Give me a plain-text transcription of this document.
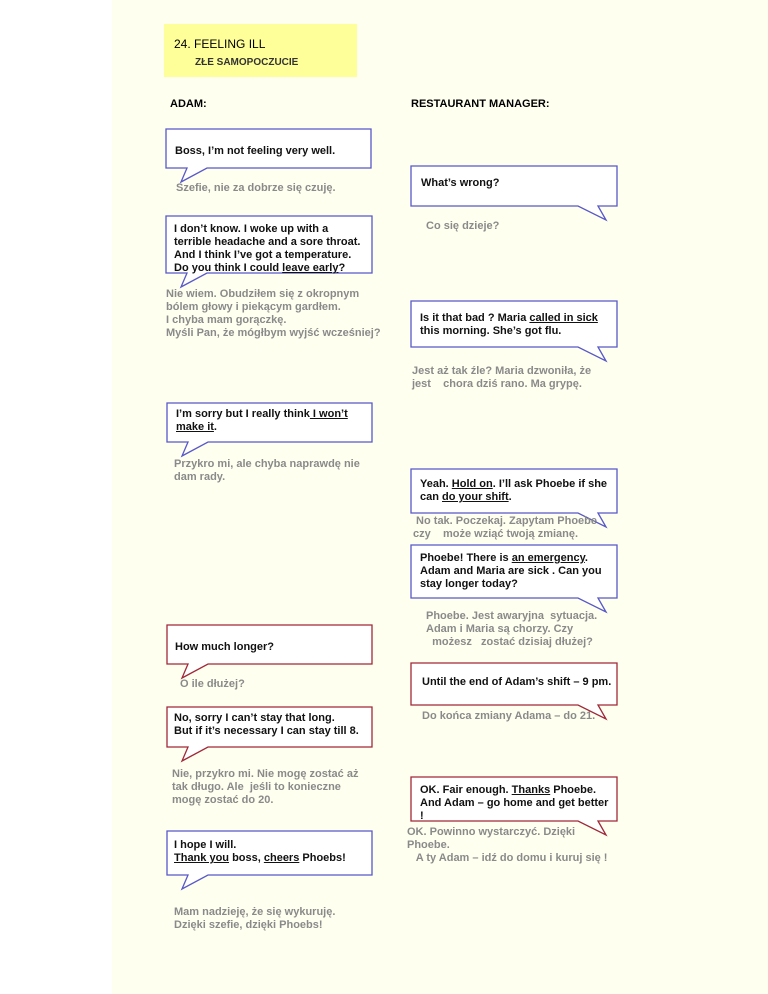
24. FEELING ILL
ZŁE SAMOPOCZUCIE
ADAM:	RESTAURANT MANAGER:
Boss, I’m not feeling very well.
What’s wrong?
I don’t know. I woke up with a
terrible headache and a sore throat.
And I think I’ve got a temperature.
Do you think I could leave early?
Is it that bad ? Maria called in sick
this morning. She’s got flu.
I’m sorry but I really think I won’t
make it.
Yeah. Hold on. I’ll ask Phoebe if she
can do your shift.
Phoebe! There is an emergency.
Adam and Maria are sick . Can you
stay longer today?
How much longer?
Until the end of Adam’s shift – 9 pm.
No, sorry I can’t stay that long.
But if it’s necessary I can stay till 8.
OK. Fair enough. Thanks Phoebe.
And Adam – go home and get better
!
I hope I will.
Thank you boss, cheers Phoebs!
Szefie, nie za dobrze się czuję.
Co się dzieje?
Nie wiem. Obudziłem się z okropnym
bólem głowy i piekącym gardłem.
I chyba mam gorączkę.
Myśli Pan, że mógłbym wyjść wcześniej?
Jest aż tak źle? Maria dzwoniła, że
jest    chora dziś rano. Ma grypę.
Przykro mi, ale chyba naprawdę nie
dam rady.
No tak. Poczekaj. Zapytam Phoebe
czy    może wziąć twoją zmianę.
Phoebe. Jest awaryjna  sytuacja.
Adam i Maria są chorzy. Czy
możesz   zostać dzisiaj dłużej?
O ile dłużej?
Do końca zmiany Adama – do 21.
Nie, przykro mi. Nie mogę zostać aż
tak długo. Ale  jeśli to konieczne
mogę zostać do 20.
OK. Powinno wystarczyć. Dzięki
Phoebe.
A ty Adam – idź do domu i kuruj się !
Mam nadzieję, że się wykuruję.
Dzięki szefie, dzięki Phoebs!
